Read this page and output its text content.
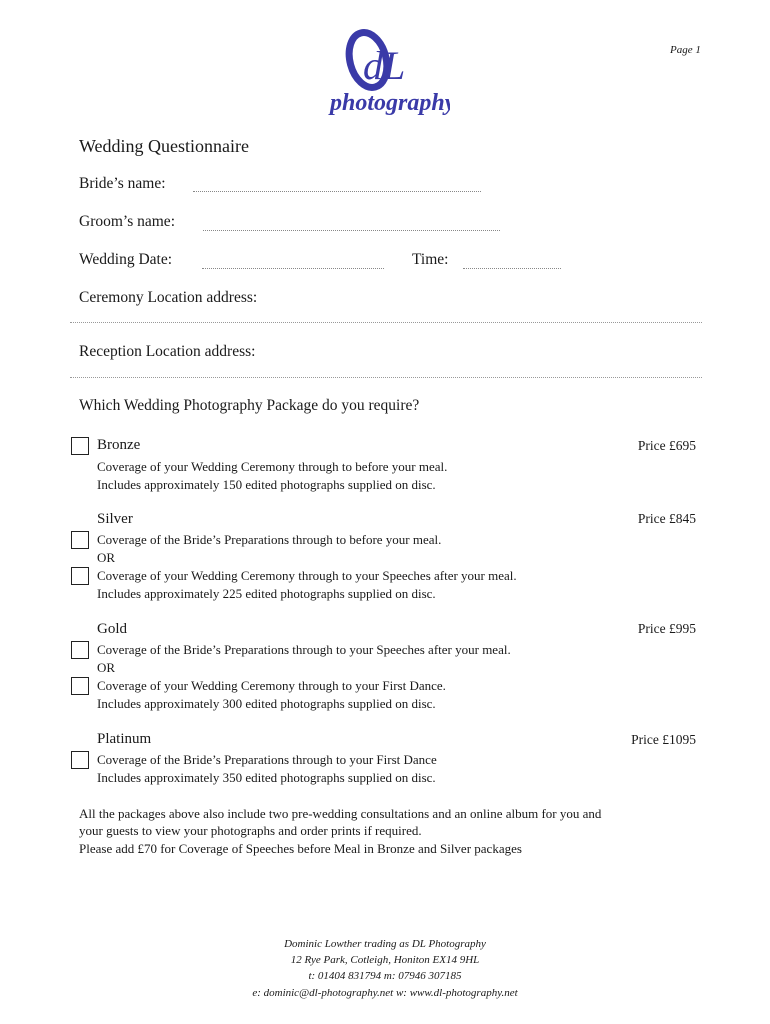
Page 1
dL
photography
Wedding Questionnaire
Bride’s name:
Groom’s name:
Wedding Date:	Time:
Ceremony Location address:
Reception Location address:
Which Wedding Photography Package do you require?
Bronze	Price £695
Coverage of your Wedding Ceremony through to before your meal.
Includes approximately 150 edited photographs supplied on disc.
Silver	Price £845
Coverage of the Bride’s Preparations through to before your meal.
OR
Coverage of your Wedding Ceremony through to your Speeches after your meal.
Includes approximately 225 edited photographs supplied on disc.
Gold	Price £995
Coverage of the Bride’s Preparations through to your Speeches after your meal.
OR
Coverage of your Wedding Ceremony through to your First Dance.
Includes approximately 300 edited photographs supplied on disc.
Platinum	Price £1095
Coverage of the Bride’s Preparations through to your First Dance
Includes approximately 350 edited photographs supplied on disc.
All the packages above also include two pre-wedding consultations and an online album for you and
your guests to view your photographs and order prints if required.
Please add £70 for Coverage of Speeches before Meal in Bronze and Silver packages
Dominic Lowther trading as DL Photography
12 Rye Park, Cotleigh, Honiton EX14 9HL
t: 01404 831794 m: 07946 307185
e: dominic@dl-photography.net w: www.dl-photography.net
